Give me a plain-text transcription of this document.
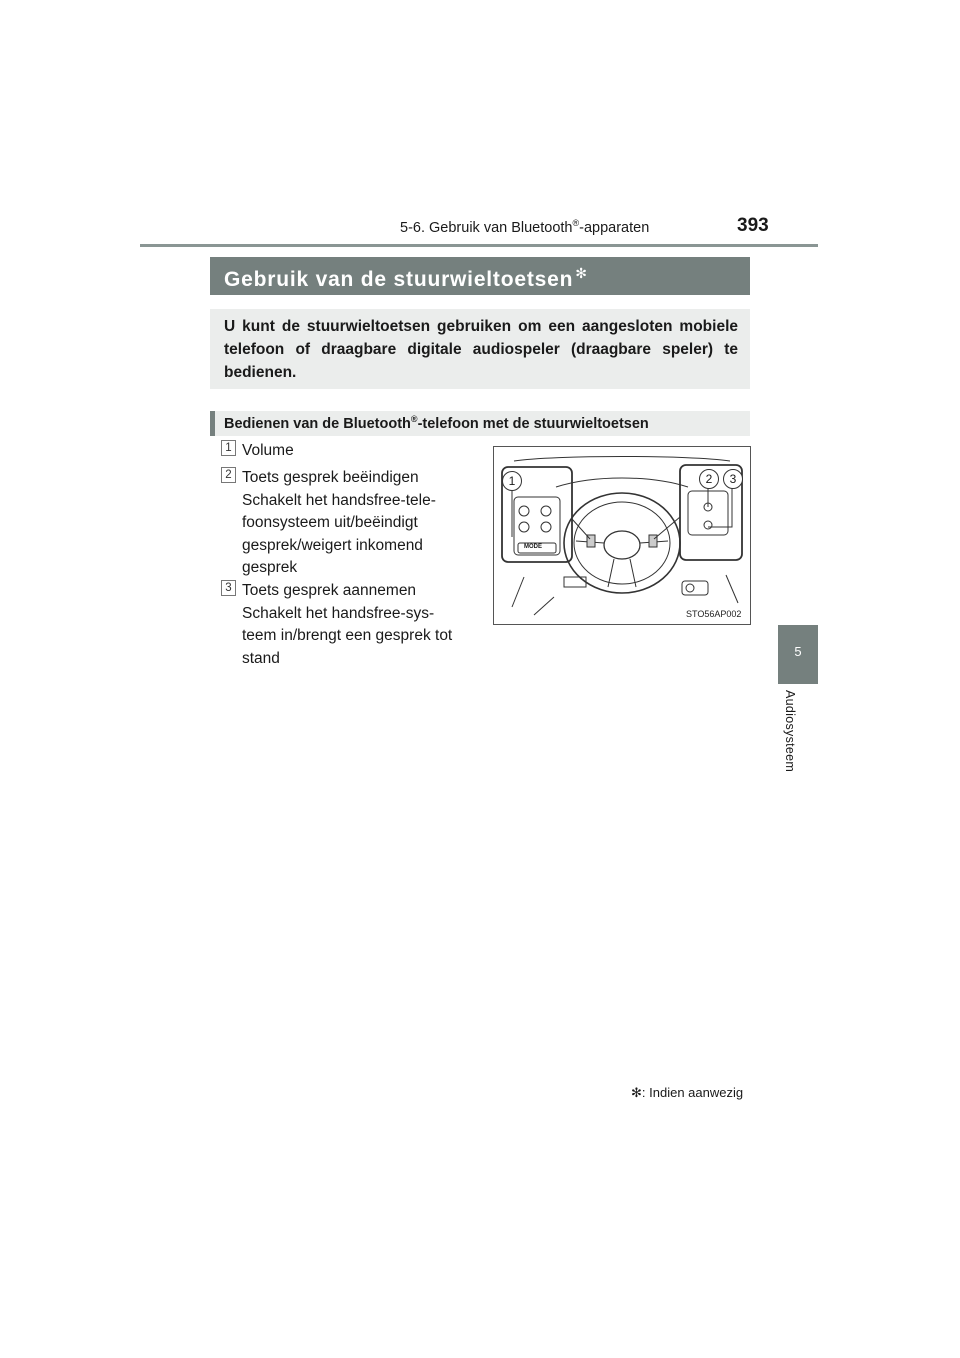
5-6. Gebruik van Bluetooth®-apparaten	393
5
Audiosysteem
Gebruik van de stuurwieltoetsen ✻
U kunt de stuurwieltoetsen gebruiken om een aangesloten mobiele telefoon of draagbare digitale audiospeler (draagbare speler) te bedienen.
Bedienen van de Bluetooth®-telefoon met de stuurwieltoetsen
1 Volume
2 Toets gesprek beëindigen
Schakelt het handsfree-tele-
foonsysteem uit/beëindigt
gesprek/weigert inkomend
gesprek
3 Toets gesprek aannemen
Schakelt het handsfree-sys-
teem in/brengt een gesprek tot
stand
1	2	3
MODE
STO56AP002
✻: Indien aanwezig
